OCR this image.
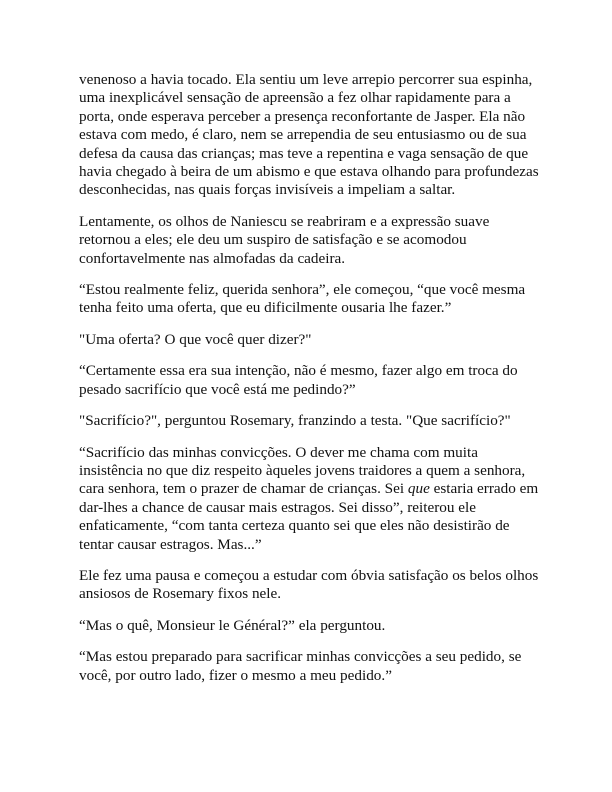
venenoso a havia tocado. Ela sentiu um leve arrepio percorrer sua espinha, uma inexplicável sensação de apreensão a fez olhar rapidamente para a porta, onde esperava perceber a presença reconfortante de Jasper. Ela não estava com medo, é claro, nem se arrependia de seu entusiasmo ou de sua defesa da causa das crianças; mas teve a repentina e vaga sensação de que havia chegado à beira de um abismo e que estava olhando para profundezas desconhecidas, nas quais forças invisíveis a impeliam a saltar.

Lentamente, os olhos de Naniescu se reabriram e a expressão suave retornou a eles; ele deu um suspiro de satisfação e se acomodou confortavelmente nas almofadas da cadeira.

“Estou realmente feliz, querida senhora”, ele começou, “que você mesma tenha feito uma oferta, que eu dificilmente ousaria lhe fazer.”

"Uma oferta? O que você quer dizer?"

“Certamente essa era sua intenção, não é mesmo, fazer algo em troca do pesado sacrifício que você está me pedindo?”

"Sacrifício?", perguntou Rosemary, franzindo a testa. "Que sacrifício?"

“Sacrifício das minhas convicções. O dever me chama com muita insistência no que diz respeito àqueles jovens traidores a quem a senhora, cara senhora, tem o prazer de chamar de crianças. Sei que estaria errado em dar-lhes a chance de causar mais estragos. Sei disso”, reiterou ele enfaticamente, “com tanta certeza quanto sei que eles não desistirão de tentar causar estragos. Mas...”

Ele fez uma pausa e começou a estudar com óbvia satisfação os belos olhos ansiosos de Rosemary fixos nele.

“Mas o quê, Monsieur le Général?” ela perguntou.

“Mas estou preparado para sacrificar minhas convicções a seu pedido, se você, por outro lado, fizer o mesmo a meu pedido.”
